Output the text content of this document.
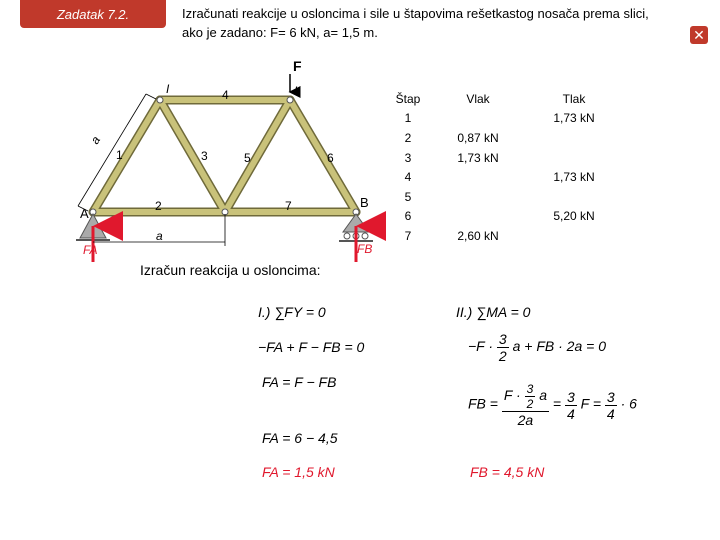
Zadatak 7.2.	Izračunati reakcije u osloncima i sile u štapovima rešetkastog nosača prema slici,
ako je zadano: F= 6 kN, a= 1,5 m.	✕
F
I	II
A
B
a
a
1
2
3
4
5	6
7
FA	FB
Izračun reakcija u osloncima:
Štap	Vlak	Tlak
1		1,73 kN
2	0,87 kN	
3	1,73 kN	
4		1,73 kN
5		
6		5,20 kN
7	2,60 kN	
I.) ∑FY = 0
−FA + F − FB = 0
FA = F − FB
FA = 6 − 4,5
FA = 1,5 kN
II.) ∑MA = 0
$-F \cdot \frac{3}{2}$ a + FB · 2a = 0
FB = $\frac{F \cdot \frac{3}{2} a}{2a} = \frac{3}{4}$ $F = \frac{3}{4} \cdot 6$
FB = 4,5 kN
